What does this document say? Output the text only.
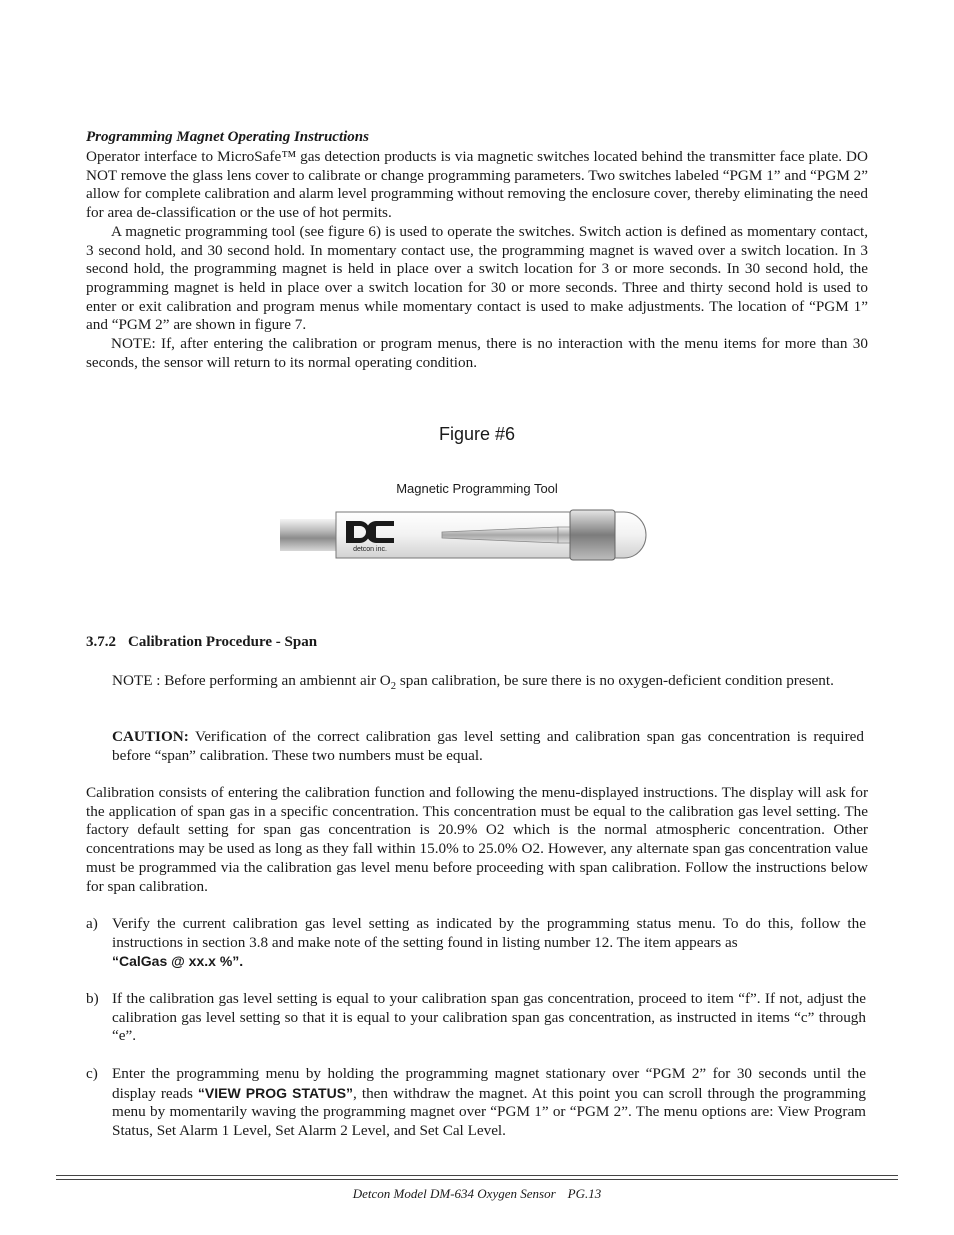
Programming Magnet Operating Instructions

Operator interface to MicroSafe™ gas detection products is via magnetic switches located behind the transmitter face plate. DO NOT remove the glass lens cover to calibrate or change programming parameters. Two switches labeled “PGM 1” and “PGM 2” allow for complete calibration and alarm level programming without removing the enclosure cover, thereby eliminating the need for area de-classification or the use of hot permits.

A magnetic programming tool (see figure 6) is used to operate the switches. Switch action is defined as momentary contact, 3 second hold, and 30 second hold. In momentary contact use, the programming magnet is waved over a switch location. In 3 second hold, the programming magnet is held in place over a switch location for 3 or more seconds. In 30 second hold, the programming magnet is held in place over a switch location for 30 or more seconds. Three and thirty second hold is used to enter or exit calibration and program menus while momentary contact is used to make adjustments. The location of “PGM 1” and “PGM 2” are shown in figure 7.

NOTE: If, after entering the calibration or program menus, there is no interaction with the menu items for more than 30 seconds, the sensor will return to its normal operating condition.

Figure #6
Magnetic Programming Tool
detcon inc.
3.7.2 Calibration Procedure - Span

NOTE : Before performing an ambiennt air $O_2$ span calibration, be sure there is no oxygen-deficient condition present.

CAUTION: Verification of the correct calibration gas level setting and calibration span gas concentration is required before “span” calibration. These two numbers must be equal.

Calibration consists of entering the calibration function and following the menu-displayed instructions. The display will ask for the application of span gas in a specific concentration. This concentration must be equal to the calibration gas level setting. The factory default setting for span gas concentration is 20.9% O2 which is the normal atmospheric concentration. Other concentrations may be used as long as they fall within 15.0% to 25.0% O2. However, any alternate span gas concentration value must be programmed via the calibration gas level menu before proceeding with span calibration. Follow the instructions below for span calibration.

a) Verify the current calibration gas level setting as indicated by the programming status menu. To do this, follow the instructions in section 3.8 and make note of the setting found in listing number 12. The item appears as
“CalGas @ xx.x %”.
b) If the calibration gas level setting is equal to your calibration span gas concentration, proceed to item “f”. If not, adjust the calibration gas level setting so that it is equal to your calibration span gas concentration, as instructed in items “c” through “e”.
c) Enter the programming menu by holding the programming magnet stationary over “PGM 2” for 30 seconds until the display reads “VIEW PROG STATUS”, then withdraw the magnet. At this point you can scroll through the programming menu by momentarily waving the programming magnet over “PGM 1” or “PGM 2”. The menu options are: View Program Status, Set Alarm 1 Level, Set Alarm 2 Level, and Set Cal Level.
Detcon Model DM-634 Oxygen Sensor PG.13
